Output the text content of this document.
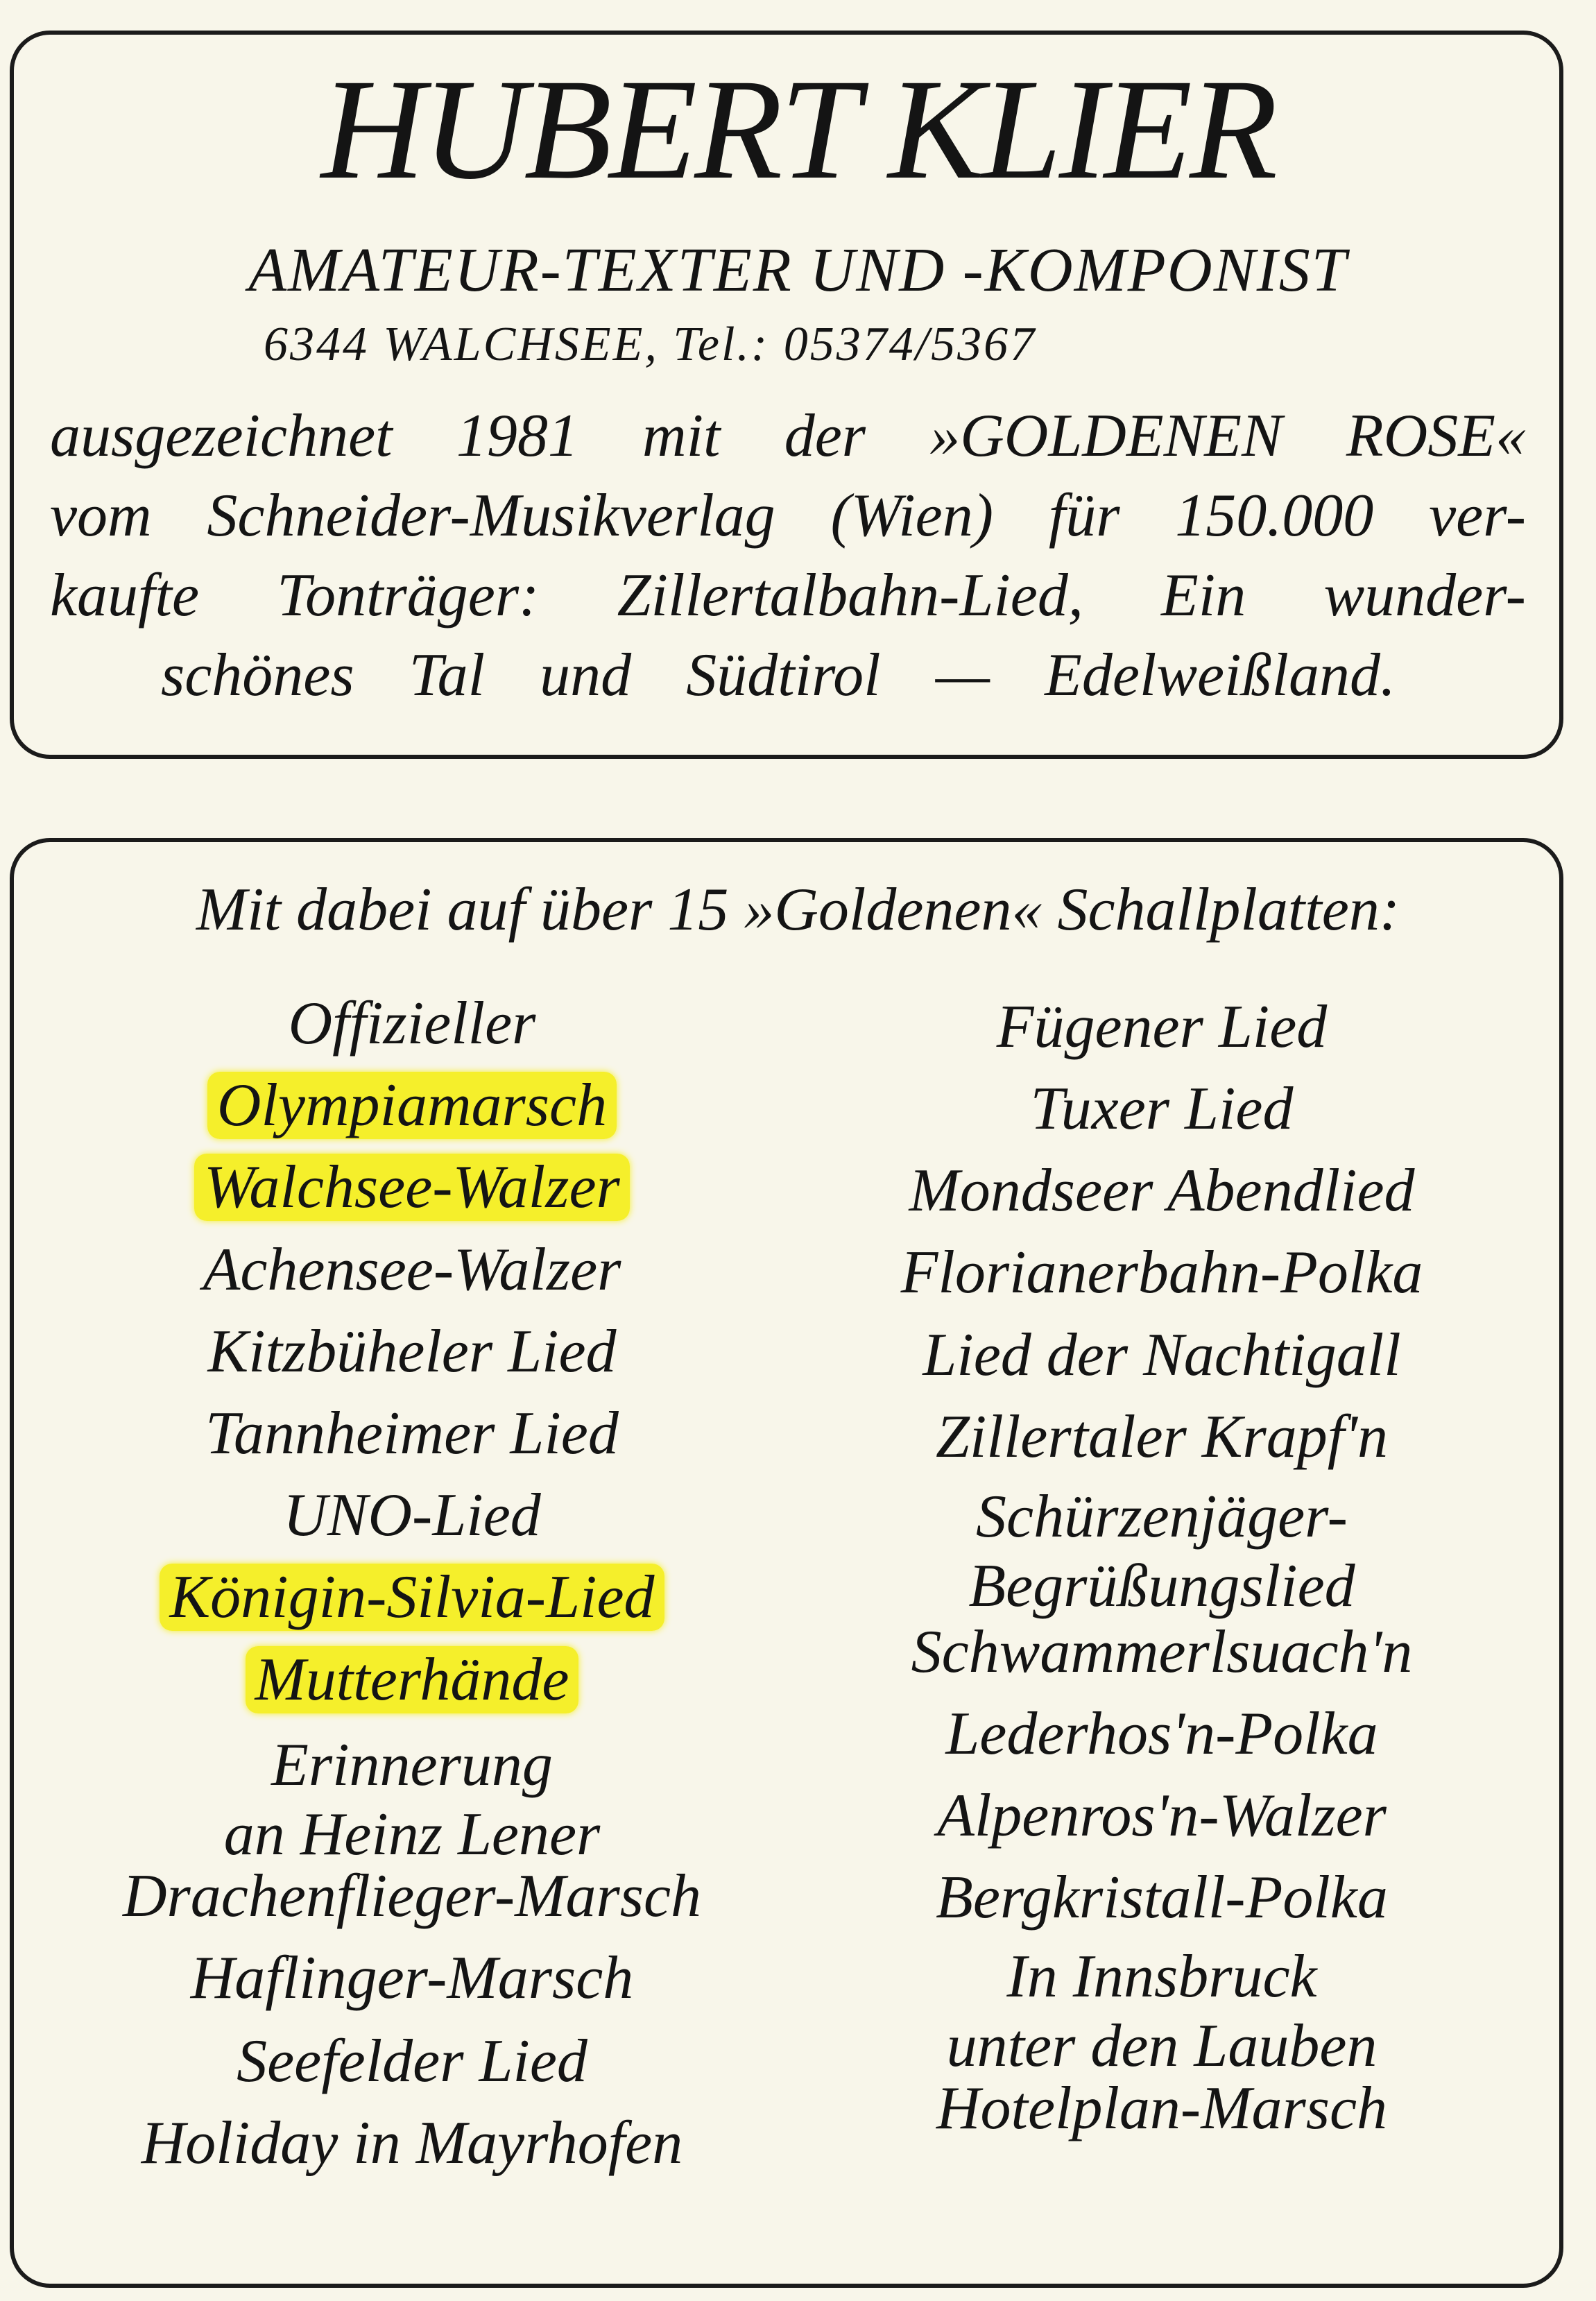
HUBERT KLIER
AMATEUR-TEXTER UND -KOMPONIST
6344 WALCHSEE, Tel.: 05374/5367
ausgezeichnet 1981 mit der »GOLDENEN ROSE«
vom Schneider-Musikverlag (Wien) für 150.000 ver-
kaufte Tonträger: Zillertalbahn-Lied, Ein wunder-
schönes Tal und Südtirol — Edelweißland.
Mit dabei auf über 15 »Goldenen« Schallplatten:
Offizieller
Olympiamarsch
Walchsee-Walzer
Achensee-Walzer
Kitzbüheler Lied
Tannheimer Lied
UNO-Lied
Königin-Silvia-Lied
Mutterhände
Erinnerung
an Heinz Lener
Drachenflieger-Marsch
Haflinger-Marsch
Seefelder Lied
Holiday in Mayrhofen
Fügener Lied
Tuxer Lied
Mondseer Abendlied
Florianerbahn-Polka
Lied der Nachtigall
Zillertaler Krapf'n
Schürzenjäger-
Begrüßungslied
Schwammerlsuach'n
Lederhos'n-Polka
Alpenros'n-Walzer
Bergkristall-Polka
In Innsbruck
unter den Lauben
Hotelplan-Marsch
